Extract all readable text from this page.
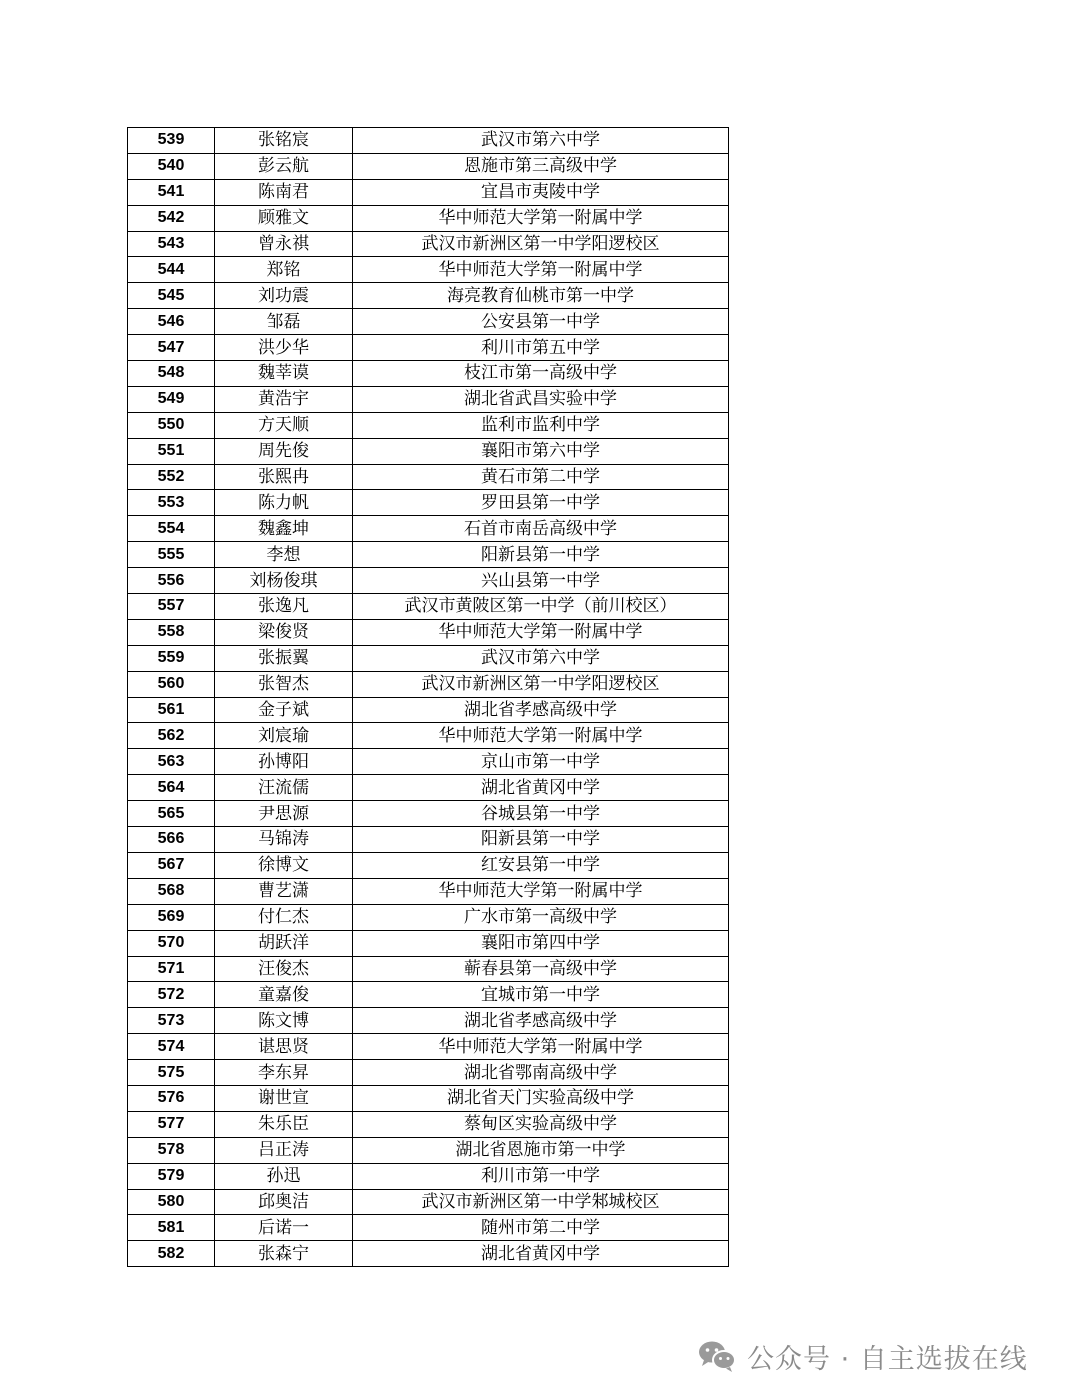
539	张铭宸	武汉市第六中学
540	彭云航	恩施市第三高级中学
541	陈南君	宜昌市夷陵中学
542	顾雅文	华中师范大学第一附属中学
543	曾永祺	武汉市新洲区第一中学阳逻校区
544	郑铭	华中师范大学第一附属中学
545	刘功震	海亮教育仙桃市第一中学
546	邹磊	公安县第一中学
547	洪少华	利川市第五中学
548	魏莘谟	枝江市第一高级中学
549	黄浩宇	湖北省武昌实验中学
550	方天顺	监利市监利中学
551	周先俊	襄阳市第六中学
552	张熙冉	黄石市第二中学
553	陈力帆	罗田县第一中学
554	魏鑫坤	石首市南岳高级中学
555	李想	阳新县第一中学
556	刘杨俊琪	兴山县第一中学
557	张逸凡	武汉市黄陂区第一中学（前川校区）
558	梁俊贤	华中师范大学第一附属中学
559	张振翼	武汉市第六中学
560	张智杰	武汉市新洲区第一中学阳逻校区
561	金子斌	湖北省孝感高级中学
562	刘宸瑜	华中师范大学第一附属中学
563	孙博阳	京山市第一中学
564	汪流儒	湖北省黄冈中学
565	尹思源	谷城县第一中学
566	马锦涛	阳新县第一中学
567	徐博文	红安县第一中学
568	曹艺潇	华中师范大学第一附属中学
569	付仁杰	广水市第一高级中学
570	胡跃洋	襄阳市第四中学
571	汪俊杰	蕲春县第一高级中学
572	童嘉俊	宜城市第一中学
573	陈文博	湖北省孝感高级中学
574	谌思贤	华中师范大学第一附属中学
575	李东昇	湖北省鄂南高级中学
576	谢世宣	湖北省天门实验高级中学
577	朱乐臣	蔡甸区实验高级中学
578	吕正涛	湖北省恩施市第一中学
579	孙迅	利川市第一中学
580	邱奥洁	武汉市新洲区第一中学邾城校区
581	后诺一	随州市第二中学
582	张森宁	湖北省黄冈中学
公众号 · 自主选拔在线
